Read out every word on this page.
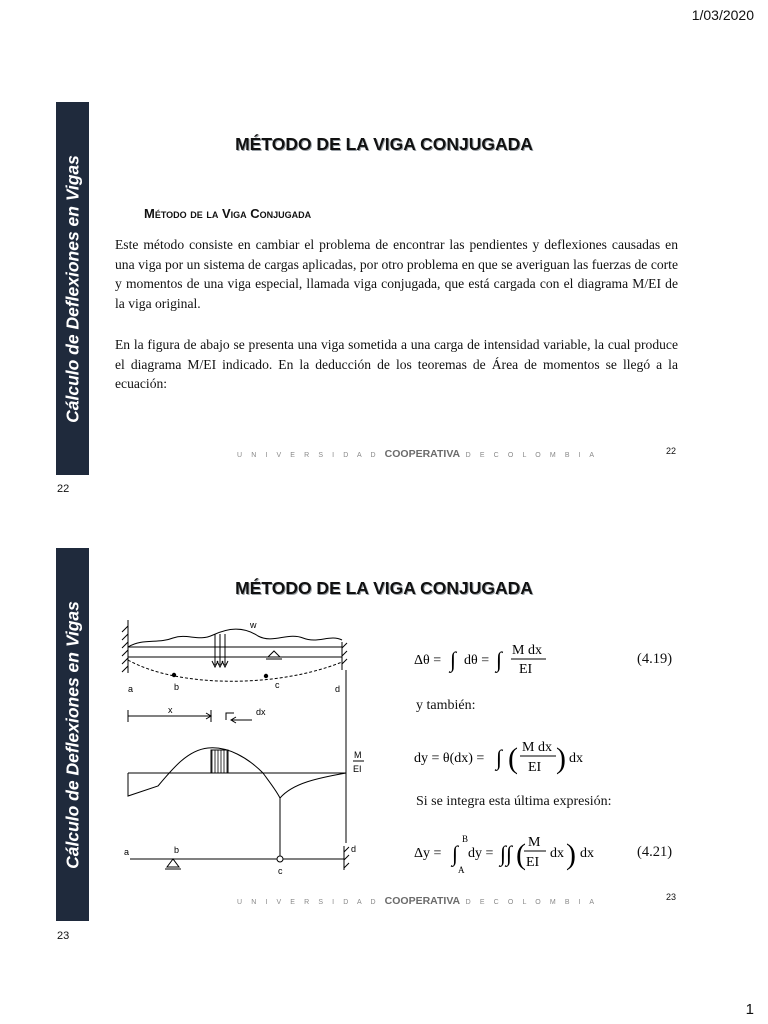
1/03/2020
Cálculo de Deflexiones en Vigas
MÉTODO DE LA VIGA CONJUGADA
Método de la Viga Conjugada
Este método consiste en cambiar el problema de encontrar las pendientes y deflexiones causadas en una viga por un sistema de cargas aplicadas, por otro problema en que se averiguan las fuerzas de corte y momentos de una viga especial, llamada viga conjugada, que está cargada con el diagrama M/EI de la viga original.
En la figura de abajo se presenta una viga sometida a una carga de intensidad variable, la cual produce el diagrama M/EI indicado. En la deducción de los teoremas de Área de momentos se llegó a la ecuación:
U N I V E R S I D A D COOPERATIVA D E C O L O M B I A	22
22
Cálculo de Deflexiones en Vigas
MÉTODO DE LA VIGA CONJUGADA
w
a	b	c	d
x	dx
M
EI
a	b
c
d
Δθ = ∫ dθ = ∫ M dx
EI
(4.19)
y también:
dy = θ(dx) = ∫ ( M dx
EI ) dx
Si se integra esta última expresión:
Δy = ∫
B
A
dy = ∫∫ ( M
EI
dx ) dx	(4.21)
U N I V E R S I D A D COOPERATIVA D E C O L O M B I A
23
23
1
